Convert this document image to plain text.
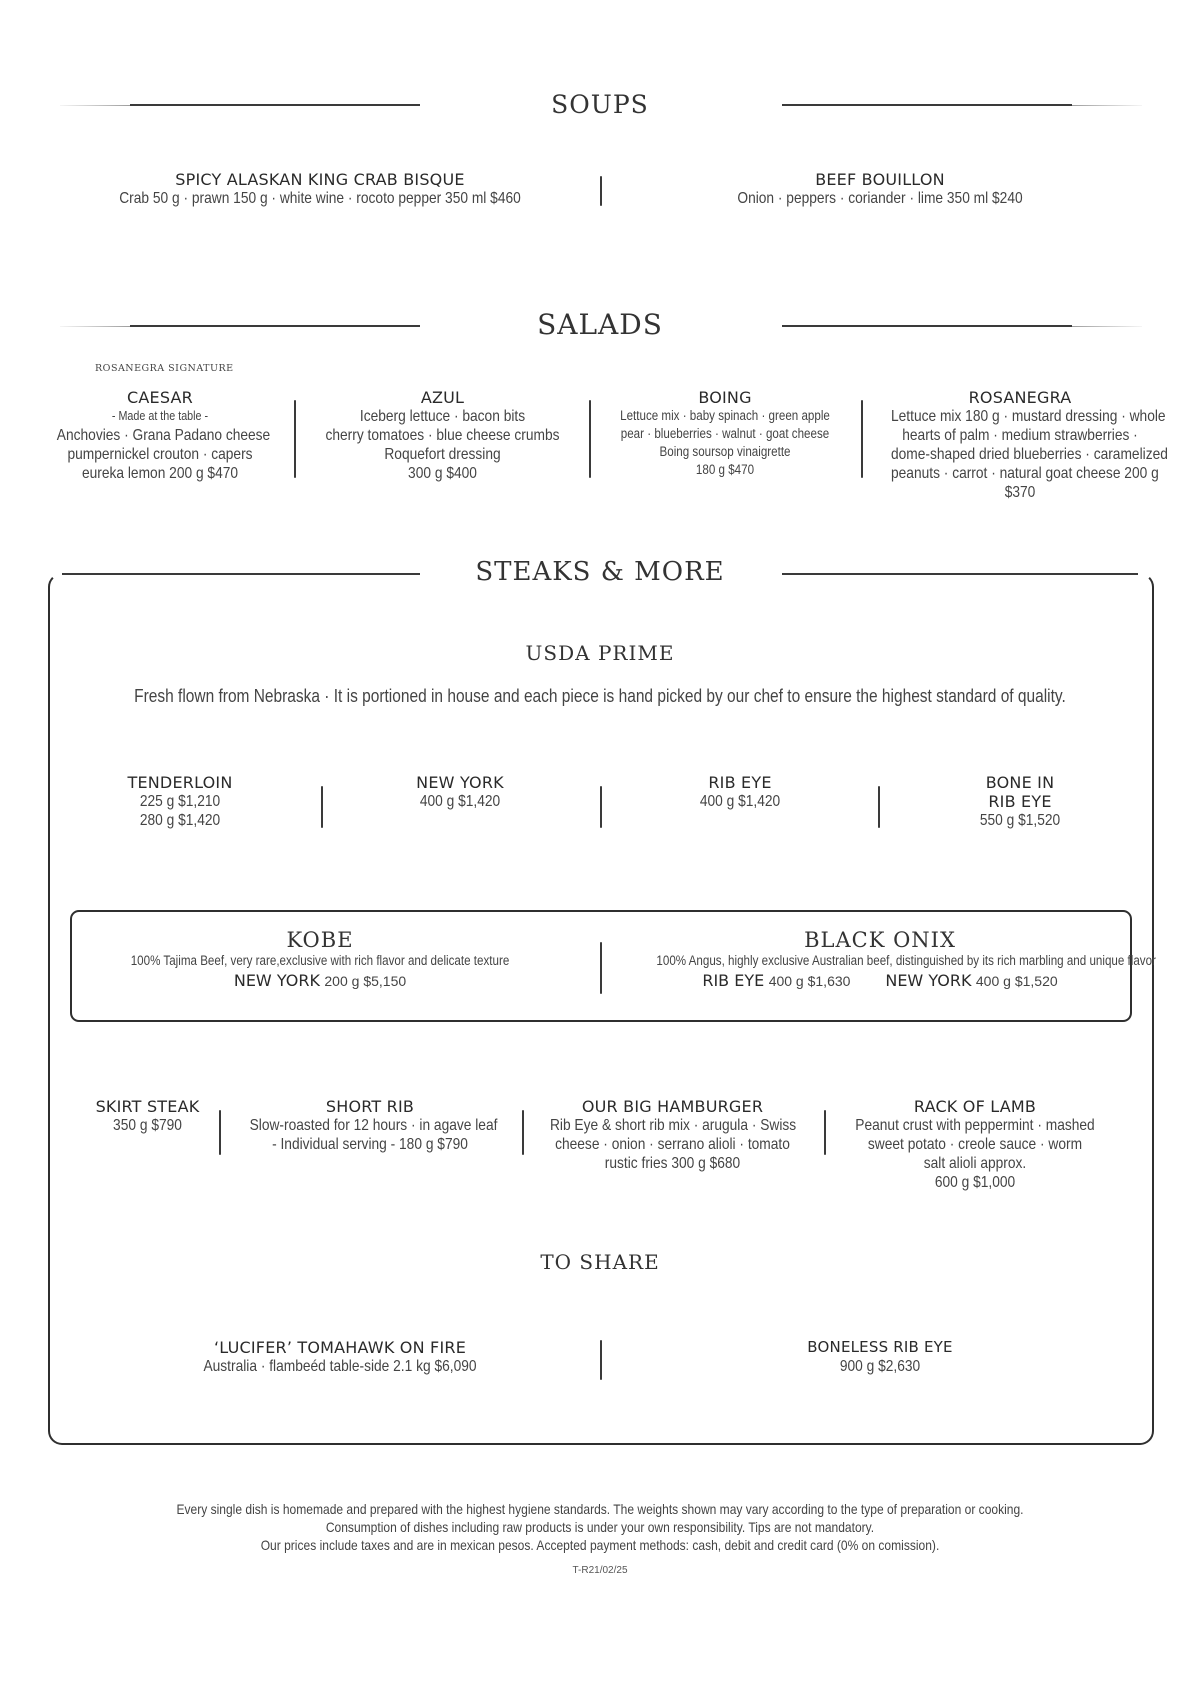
SOUPS
SPICY ALASKAN KING CRAB BISQUE
Crab 50 g · prawn 150 g · white wine · rocoto pepper 350 ml $460
BEEF BOUILLON
Onion · peppers · coriander · lime 350 ml $240
SALADS
ROSANEGRA SIGNATURE
CAESAR
- Made at the table -
Anchovies · Grana Padano cheese
pumpernickel crouton · capers
eureka lemon 200 g $470
AZUL
Iceberg lettuce · bacon bits
cherry tomatoes · blue cheese crumbs
Roquefort dressing
300 g $400
BOING
Lettuce mix · baby spinach · green apple
pear · blueberries · walnut · goat cheese
Boing soursop vinaigrette
180 g $470
ROSANEGRA
Lettuce mix 180 g · mustard dressing · whole
hearts of palm · medium strawberries ·
dome-shaped dried blueberries · caramelized
peanuts · carrot · natural goat cheese 200 g
$370
STEAKS & MORE
USDA PRIME
Fresh flown from Nebraska · It is portioned in house and each piece is hand picked by our chef to ensure the highest standard of quality.
TENDERLOIN
225 g $1,210
280 g $1,420
NEW YORK
400 g $1,420
RIB EYE
400 g $1,420
BONE IN
RIB EYE
550 g $1,520
KOBE
100% Tajima Beef, very rare,exclusive with rich flavor and delicate texture
NEW YORK 200 g $5,150
BLACK ONIX
100% Angus, highly exclusive Australian beef, distinguished by its rich marbling and unique flavor
RIB EYE 400 g $1,630 NEW YORK 400 g $1,520
SKIRT STEAK
350 g $790
SHORT RIB
Slow-roasted for 12 hours · in agave leaf
- Individual serving - 180 g $790
OUR BIG HAMBURGER
Rib Eye & short rib mix · arugula · Swiss
cheese · onion · serrano alioli · tomato
rustic fries 300 g $680
RACK OF LAMB
Peanut crust with peppermint · mashed
sweet potato · creole sauce · worm
salt alioli approx.
600 g $1,000
TO SHARE
‘LUCIFER’ TOMAHAWK ON FIRE
Australia · flambeéd table-side 2.1 kg $6,090
BONELESS RIB EYE
900 g $2,630
Every single dish is homemade and prepared with the highest hygiene standards. The weights shown may vary according to the type of preparation or cooking.
Consumption of dishes including raw products is under your own responsibility. Tips are not mandatory.
Our prices include taxes and are in mexican pesos. Accepted payment methods: cash, debit and credit card (0% on comission).
T-R21/02/25
